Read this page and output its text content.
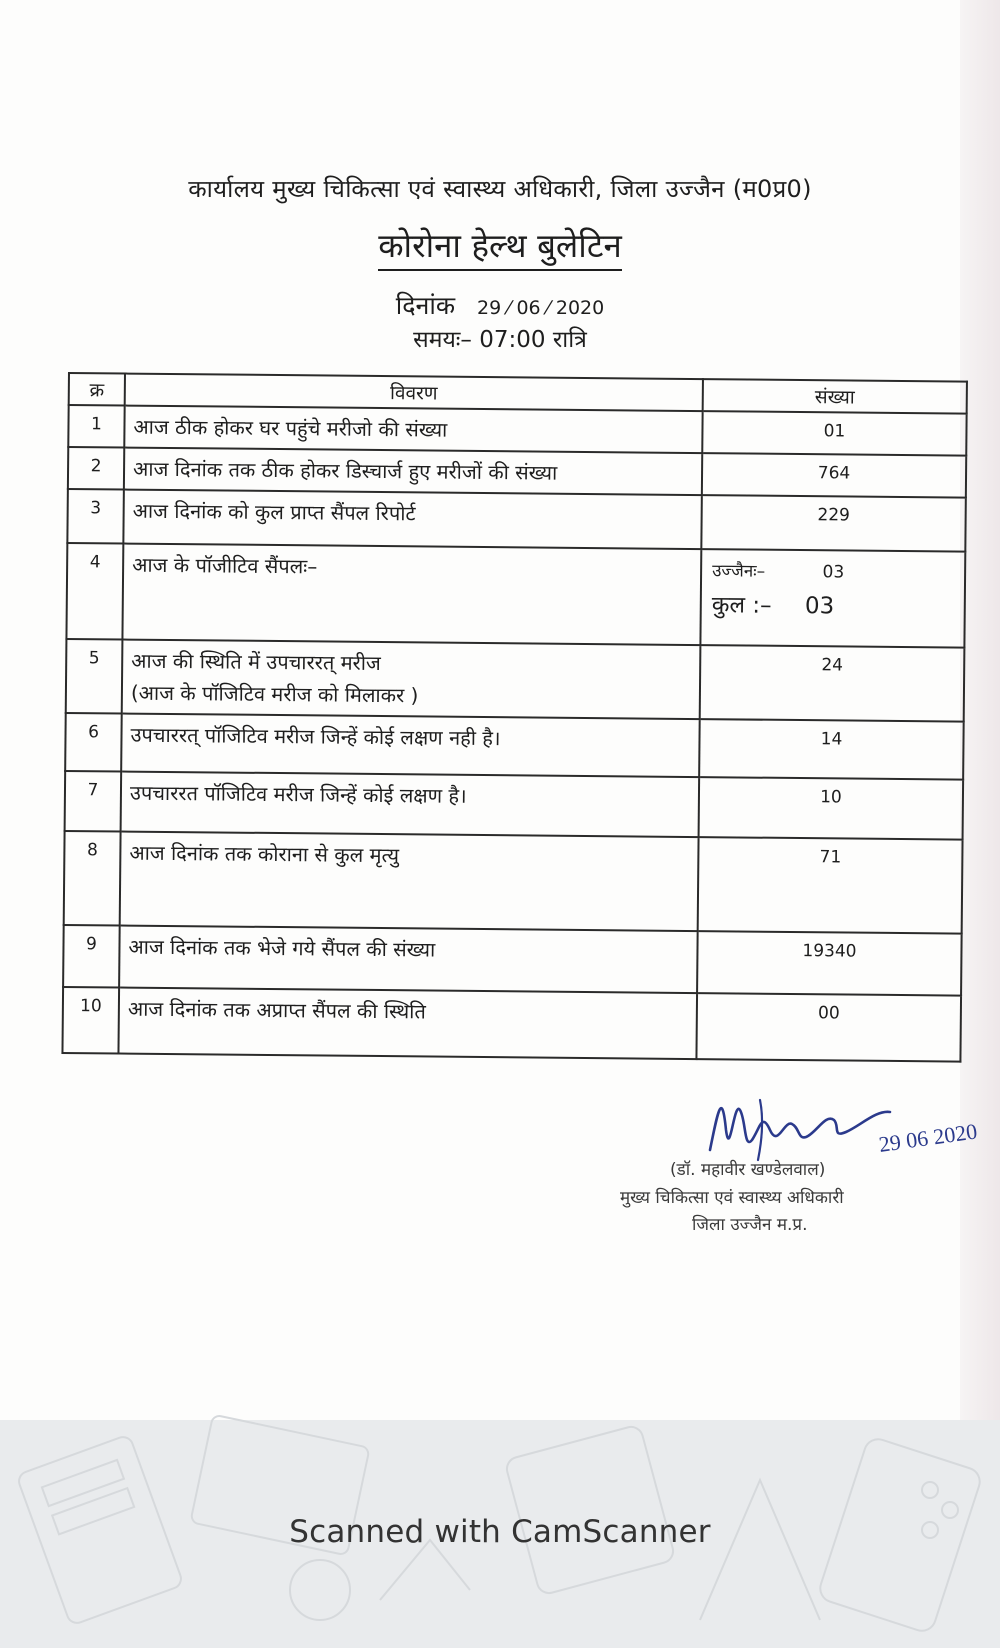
कार्यालय मुख्य चिकित्सा एवं स्वास्थ्य अधिकारी, जिला उज्जैन (म0प्र0)
कोरोना हेल्थ बुलेटिन
दिनांक 29 ⁄ 06 ⁄ 2020
समयः– 07:00 रात्रि
क्र	विवरण	संख्या
1	आज ठीक होकर घर पहुंचे मरीजो की संख्या	01
2	आज दिनांक तक ठीक होकर डिस्चार्ज हुए मरीजों की संख्या	764
3	आज दिनांक को कुल प्राप्त सैंपल रिपोर्ट	229
4	आज के पॉजीटिव सैंपलः–	उज्जैनः– 03
कुल :– 03

5	आज की स्थिति में उपचाररत् मरीज
(आज के पॉजिटिव मरीज को मिलाकर )	24
6	उपचाररत् पॉजिटिव मरीज जिन्हें कोई लक्षण नही है।	14
7	उपचाररत पॉजिटिव मरीज जिन्हें कोई लक्षण है।	10
8	आज दिनांक तक कोराना से कुल मृत्यु	71
9	आज दिनांक तक भेजे गये सैंपल की संख्या	19340
10	आज दिनांक तक अप्राप्त सैंपल की स्थिति	00
29 06 2020
(डॉ. महावीर खण्डेलवाल)
मुख्य चिकित्सा एवं स्वास्थ्य अधिकारी
जिला उज्जैन म.प्र.
Scanned with CamScanner
